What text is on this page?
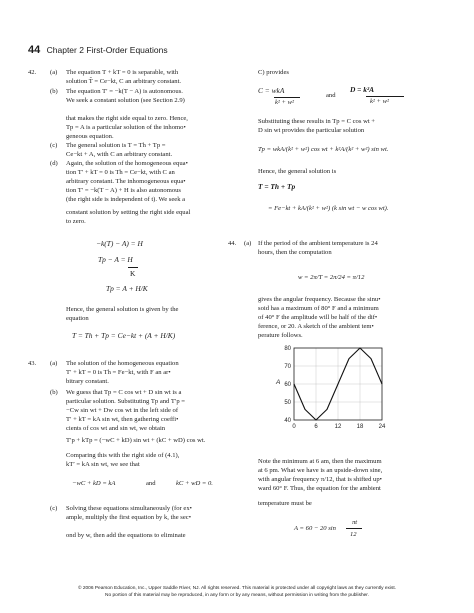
44 Chapter 2 First-Order Equations
42. (a) The equation T + kT = 0 is separable, with
solution T̃ = Ce−kt, C an arbitrary constant.
(b) The equation T′ = −k(T − A) is autonomous.
We seek a constant solution (see Section 2.9)
that makes the right side equal to zero. Hence,
Tp = A is a particular solution of the inhomo•
geneous equation.
(c) The general solution is T = Th + Tp =
Ce−kt + A, with C an arbitrary constant.
(d) Again, the solution of the homogeneous equa•
tion T′ + kT = 0 is Th = Ce−kt, with C an
arbitrary constant. The inhomogeneous equa•
tion T′ = −k(T − A) + H is also autonomous
(the right side is independent of t). We seek a
constant solution by setting the right side equal
to zero.
−k(T) − A) = H
Tp − A = H
K
Tp = A + H/K
Hence, the general solution is given by the
equation
T = Th + Tp = Ce−kt + (A + H/K)
43. (a) The solution of the homogeneous equation
T′ + kT = 0 is Th = Fe−kt, with F an ar•
bitrary constant.
(b) We guess that Tp = C cos wt + D sin wt is a
particular solution. Substituting Tp and T′p =
−Cw sin wt + Dw cos wt in the left side of
T′ + kT = kA sin wt, then gathering coeffi•
cients of cos wt and sin wt, we obtain
T′p + kTp = (−wC + kD) sin wt + (kC + wD) cos wt.
Comparing this with the right side of (4.1),
kT′ = kA sin wt, we see that
−wC + kD = kA	and	kC + wD = 0.
(c) Solving these equations simultaneously (for ex•
ample, multiply the first equation by k, the sec•
ond by w, then add the equations to eliminate
C) provides
C = wkA
k² + w²
and
D = k²A
k² + w²
Substituting these results in Tp = C cos wt +
D sin wt provides the particular solution
Tp = wkA/(k² + w²) cos wt + k²A/(k² + w²) sin wt.
Hence, the general solution is
T = Th + Tp
= Fe−kt + kA/(k² + w²) (k sin wt − w cos wt).
44. (a) If the period of the ambient temperature is 24
hours, then the computation
w = 2π/T = 2π/24 = π/12
gives the angular frequency. Because the sinu•
soid has a maximum of 80° F and a minimum
of 40° F the amplitude will be half of the dif•
ference, or 20. A sketch of the ambient tem•
perature follows.
0	6	12	18	24
40
50
60
70
80
A
Note the minimum at 6 am, then the maximum
at 6 pm. What we have is an upside-down sine,
with angular frequency π/12, that is shifted up•
ward 60° F. Thus, the equation for the ambient
temperature must be
πt
A = 60 − 20 sin
12
© 2006 Pearson Education, Inc., Upper Saddle River, NJ. All rights reserved. This material is protected under all copyright laws as they currently exist.
No portion of this material may be reproduced, in any form or by any means, without permission in writing from the publisher.
